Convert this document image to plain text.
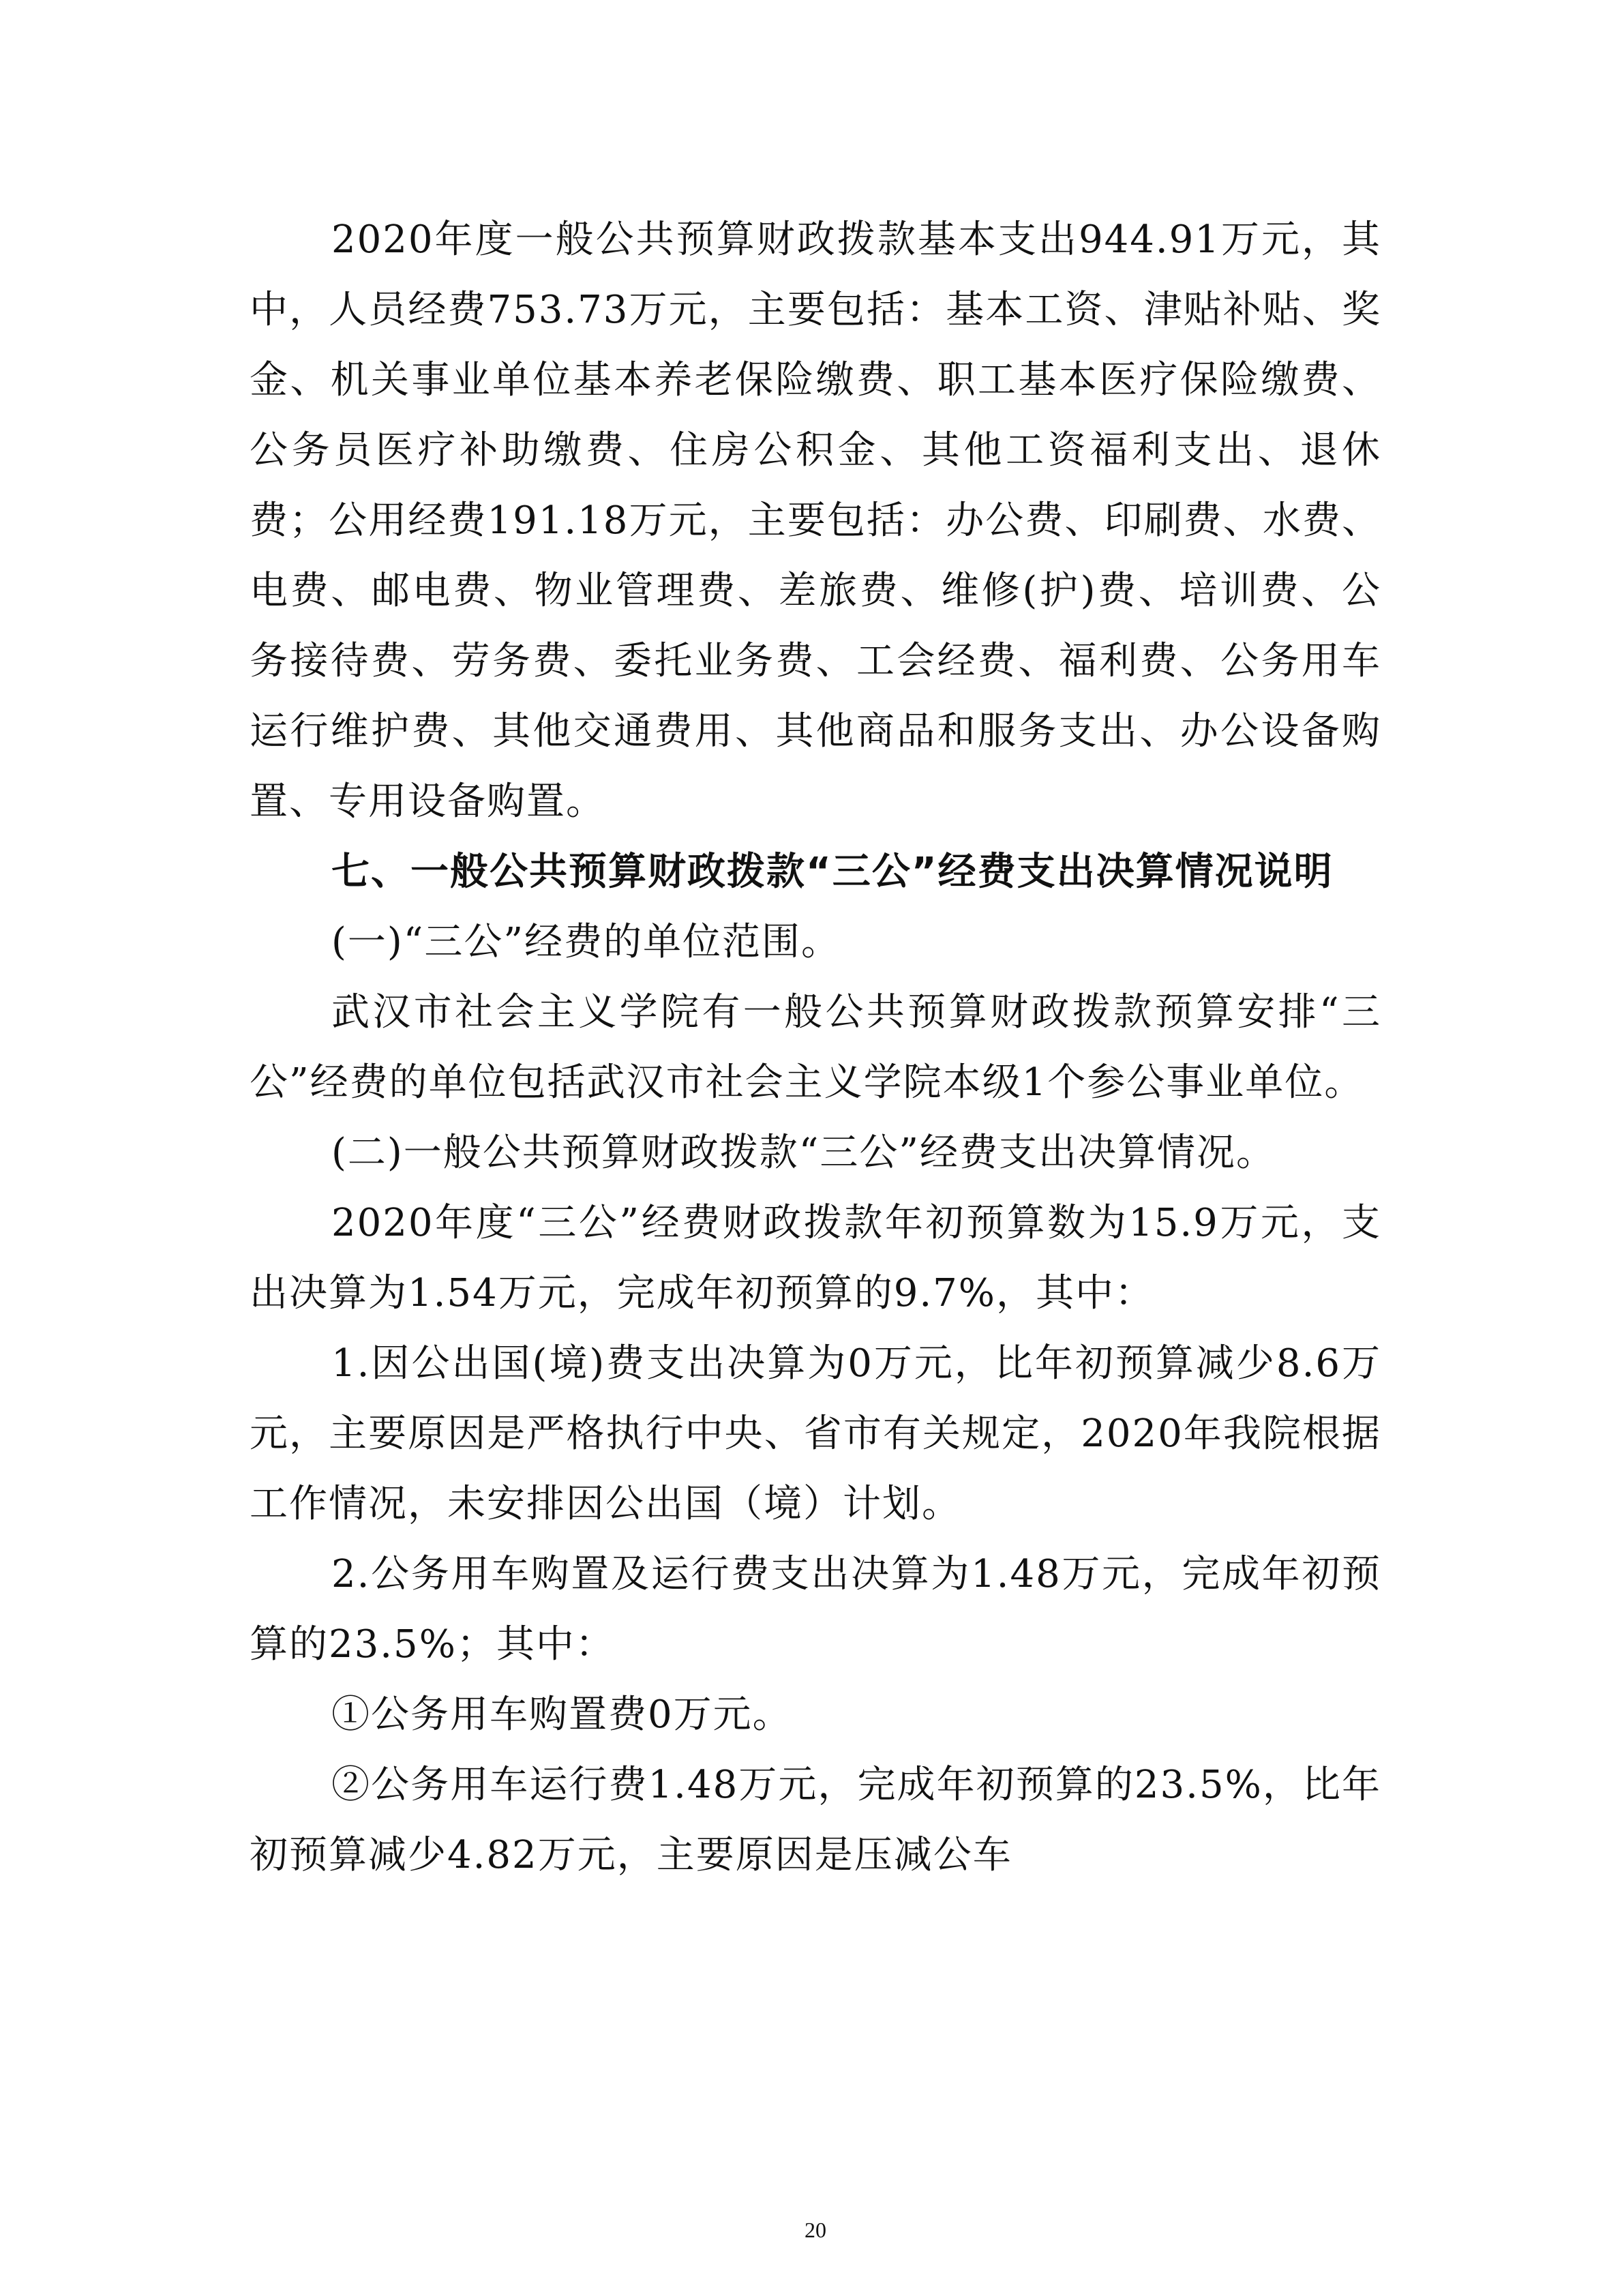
2020年度一般公共预算财政拨款基本支出944.91万元，其中，人员经费753.73万元，主要包括：基本工资、津贴补贴、奖金、机关事业单位基本养老保险缴费、职工基本医疗保险缴费、公务员医疗补助缴费、住房公积金、其他工资福利支出、退休费；公用经费191.18万元，主要包括：办公费、印刷费、水费、电费、邮电费、物业管理费、差旅费、维修(护)费、培训费、公务接待费、劳务费、委托业务费、工会经费、福利费、公务用车运行维护费、其他交通费用、其他商品和服务支出、办公设备购置、专用设备购置。

七、一般公共预算财政拨款“三公”经费支出决算情况说明

(一)“三公”经费的单位范围。

武汉市社会主义学院有一般公共预算财政拨款预算安排“三公”经费的单位包括武汉市社会主义学院本级1个参公事业单位。

(二)一般公共预算财政拨款“三公”经费支出决算情况。

2020年度“三公”经费财政拨款年初预算数为15.9万元，支出决算为1.54万元，完成年初预算的9.7%，其中：

1.因公出国(境)费支出决算为0万元，比年初预算减少8.6万元，主要原因是严格执行中央、省市有关规定，2020年我院根据工作情况，未安排因公出国（境）计划。

2.公务用车购置及运行费支出决算为1.48万元，完成年初预算的23.5%；其中：

①公务用车购置费0万元。

②公务用车运行费1.48万元，完成年初预算的23.5%，比年初预算减少4.82万元，主要原因是压减公车

20
